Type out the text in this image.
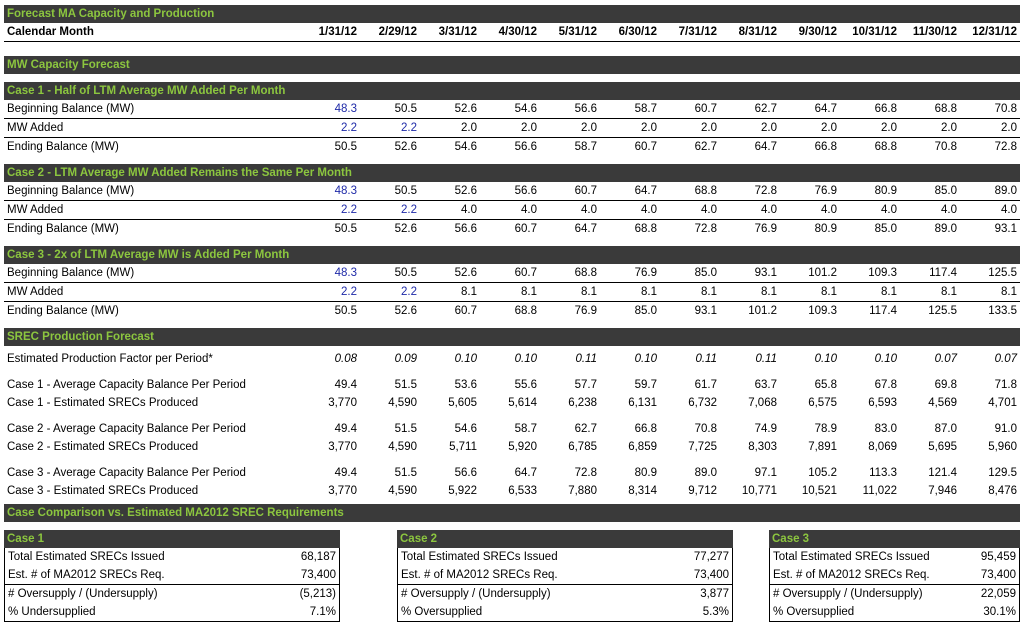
Forecast MA Capacity and Production
Calendar Month	1/31/12	2/29/12	3/31/12	4/30/12	5/31/12	6/30/12	7/31/12	8/31/12	9/30/12	10/31/12	11/30/12	12/31/12
MW Capacity Forecast
Case 1 - Half of LTM Average MW Added Per Month
Beginning Balance (MW)	48.3	50.5	52.6	54.6	56.6	58.7	60.7	62.7	64.7	66.8	68.8	70.8
MW Added	2.2	2.2	2.0	2.0	2.0	2.0	2.0	2.0	2.0	2.0	2.0	2.0
Ending Balance (MW)	50.5	52.6	54.6	56.6	58.7	60.7	62.7	64.7	66.8	68.8	70.8	72.8
Case 2 - LTM Average MW Added Remains the Same Per Month
Beginning Balance (MW)	48.3	50.5	52.6	56.6	60.7	64.7	68.8	72.8	76.9	80.9	85.0	89.0
MW Added	2.2	2.2	4.0	4.0	4.0	4.0	4.0	4.0	4.0	4.0	4.0	4.0
Ending Balance (MW)	50.5	52.6	56.6	60.7	64.7	68.8	72.8	76.9	80.9	85.0	89.0	93.1
Case 3 - 2x of LTM Average MW is Added Per Month
Beginning Balance (MW)	48.3	50.5	52.6	60.7	68.8	76.9	85.0	93.1	101.2	109.3	117.4	125.5
MW Added	2.2	2.2	8.1	8.1	8.1	8.1	8.1	8.1	8.1	8.1	8.1	8.1
Ending Balance (MW)	50.5	52.6	60.7	68.8	76.9	85.0	93.1	101.2	109.3	117.4	125.5	133.5
SREC Production Forecast
Estimated Production Factor per Period*	0.08	0.09	0.10	0.10	0.11	0.10	0.11	0.11	0.10	0.10	0.07	0.07
Case 1 - Average Capacity Balance Per Period	49.4	51.5	53.6	55.6	57.7	59.7	61.7	63.7	65.8	67.8	69.8	71.8
Case 1 - Estimated SRECs Produced	3,770	4,590	5,605	5,614	6,238	6,131	6,732	7,068	6,575	6,593	4,569	4,701
Case 2 - Average Capacity Balance Per Period	49.4	51.5	54.6	58.7	62.7	66.8	70.8	74.9	78.9	83.0	87.0	91.0
Case 2 - Estimated SRECs Produced	3,770	4,590	5,711	5,920	6,785	6,859	7,725	8,303	7,891	8,069	5,695	5,960
Case 3 - Average Capacity Balance Per Period	49.4	51.5	56.6	64.7	72.8	80.9	89.0	97.1	105.2	113.3	121.4	129.5
Case 3 - Estimated SRECs Produced	3,770	4,590	5,922	6,533	7,880	8,314	9,712	10,771	10,521	11,022	7,946	8,476
Case Comparison vs. Estimated MA2012 SREC Requirements
Case 1
Total Estimated SRECs Issued	68,187
Est. # of MA2012 SRECs Req.	73,400
# Oversupply / (Undersupply)	(5,213)
% Undersupplied	7.1%
Case 2
Total Estimated SRECs Issued	77,277
Est. # of MA2012 SRECs Req.	73,400
# Oversupply / (Undersupply)	3,877
% Oversupplied	5.3%
Case 3
Total Estimated SRECs Issued	95,459
Est. # of MA2012 SRECs Req.	73,400
# Oversupply / (Undersupply)	22,059
% Oversupplied	30.1%
